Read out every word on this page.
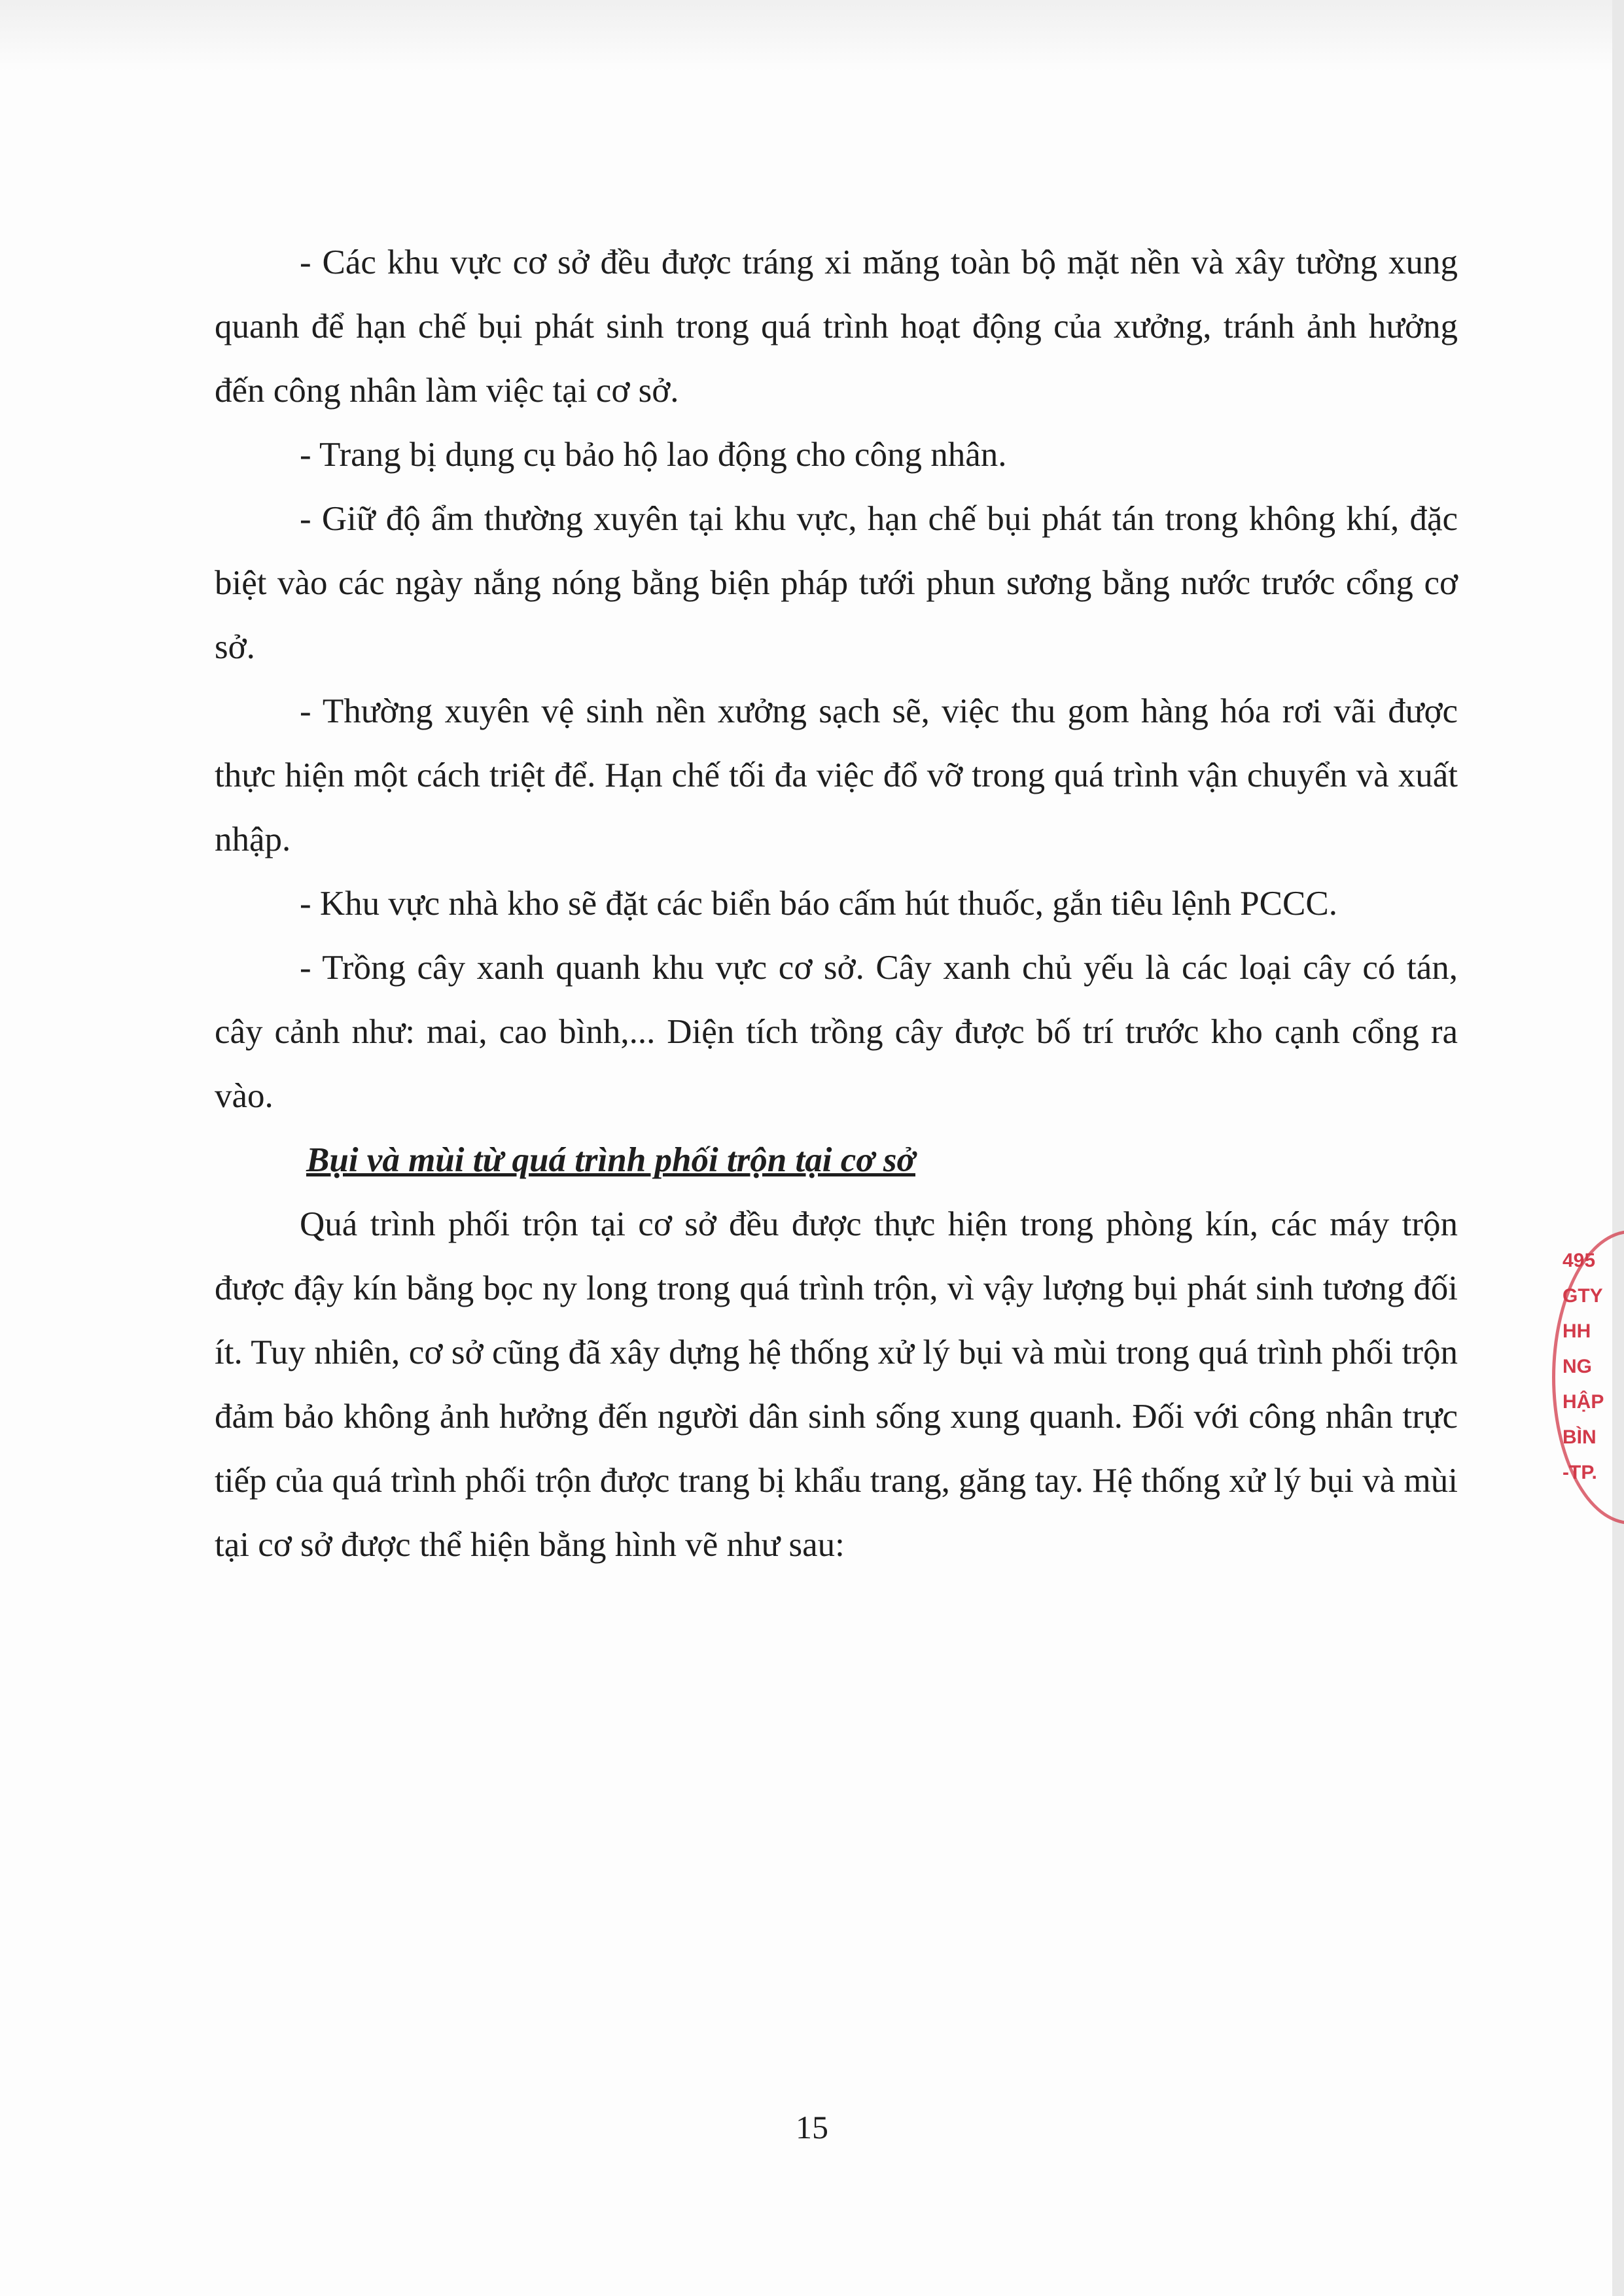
- Các khu vực cơ sở đều được tráng xi măng toàn bộ mặt nền và xây tường xung quanh để hạn chế bụi phát sinh trong quá trình hoạt động của xưởng, tránh ảnh hưởng đến công nhân làm việc tại cơ sở.

- Trang bị dụng cụ bảo hộ lao động cho công nhân.

- Giữ độ ẩm thường xuyên tại khu vực, hạn chế bụi phát tán trong không khí, đặc biệt vào các ngày nắng nóng bằng biện pháp tưới phun sương bằng nước trước cổng cơ sở.

- Thường xuyên vệ sinh nền xưởng sạch sẽ, việc thu gom hàng hóa rơi vãi được thực hiện một cách triệt để. Hạn chế tối đa việc đổ vỡ trong quá trình vận chuyển và xuất nhập.

- Khu vực nhà kho sẽ đặt các biển báo cấm hút thuốc, gắn tiêu lệnh PCCC.

- Trồng cây xanh quanh khu vực cơ sở. Cây xanh chủ yếu là các loại cây có tán, cây cảnh như: mai, cao bình,... Diện tích trồng cây được bố trí trước kho cạnh cổng ra vào.

Bụi và mùi từ quá trình phối trộn tại cơ sở

Quá trình phối trộn tại cơ sở đều được thực hiện trong phòng kín, các máy trộn được đậy kín bằng bọc ny long trong quá trình trộn, vì vậy lượng bụi phát sinh tương đối ít. Tuy nhiên, cơ sở cũng đã xây dựng hệ thống xử lý bụi và mùi trong quá trình phối trộn đảm bảo không ảnh hưởng đến người dân sinh sống xung quanh. Đối với công nhân trực tiếp của quá trình phối trộn được trang bị khẩu trang, găng tay. Hệ thống xử lý bụi và mùi tại cơ sở được thể hiện bằng hình vẽ như sau:

15
495
GTY
HH
NG
HẬP
BÌN
-TP.
